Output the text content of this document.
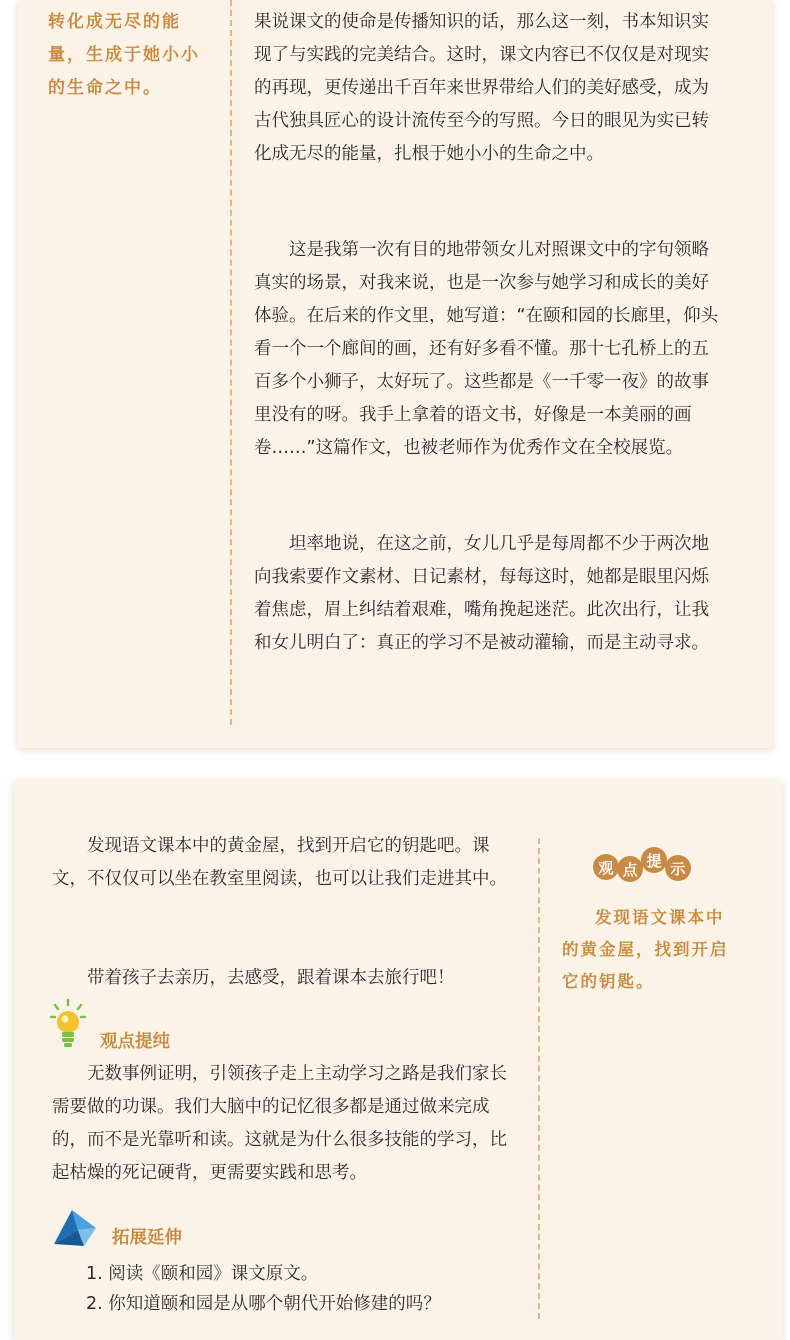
转化成无尽的能量，生成于她小小的生命之中。

果说课文的使命是传播知识的话，那么这一刻，书本知识实现了与实践的完美结合。这时，课文内容已不仅仅是对现实的再现，更传递出千百年来世界带给人们的美好感受，成为古代独具匠心的设计流传至今的写照。今日的眼见为实已转化成无尽的能量，扎根于她小小的生命之中。

这是我第一次有目的地带领女儿对照课文中的字句领略真实的场景，对我来说，也是一次参与她学习和成长的美好体验。在后来的作文里，她写道：“在颐和园的长廊里，仰头看一个一个廊间的画，还有好多看不懂。那十七孔桥上的五百多个小狮子，太好玩了。这些都是《一千零一夜》的故事里没有的呀。我手上拿着的语文书，好像是一本美丽的画卷……”这篇作文，也被老师作为优秀作文在全校展览。

坦率地说，在这之前，女儿几乎是每周都不少于两次地向我索要作文素材、日记素材，每每这时，她都是眼里闪烁着焦虑，眉上纠结着艰难，嘴角挽起迷茫。此次出行，让我和女儿明白了：真正的学习不是被动灌输，而是主动寻求。

发现语文课本中的黄金屋，找到开启它的钥匙吧。课文，不仅仅可以坐在教室里阅读，也可以让我们走进其中。

带着孩子去亲历，去感受，跟着课本去旅行吧！

观 点 提 示
发现语文课本中的黄金屋，找到开启它的钥匙。
观点提纯

无数事例证明，引领孩子走上主动学习之路是我们家长需要做的功课。我们大脑中的记忆很多都是通过做来完成的，而不是光靠听和读。这就是为什么很多技能的学习，比起枯燥的死记硬背，更需要实践和思考。

拓展延伸
1. 阅读《颐和园》课文原文。
2. 你知道颐和园是从哪个朝代开始修建的吗？
